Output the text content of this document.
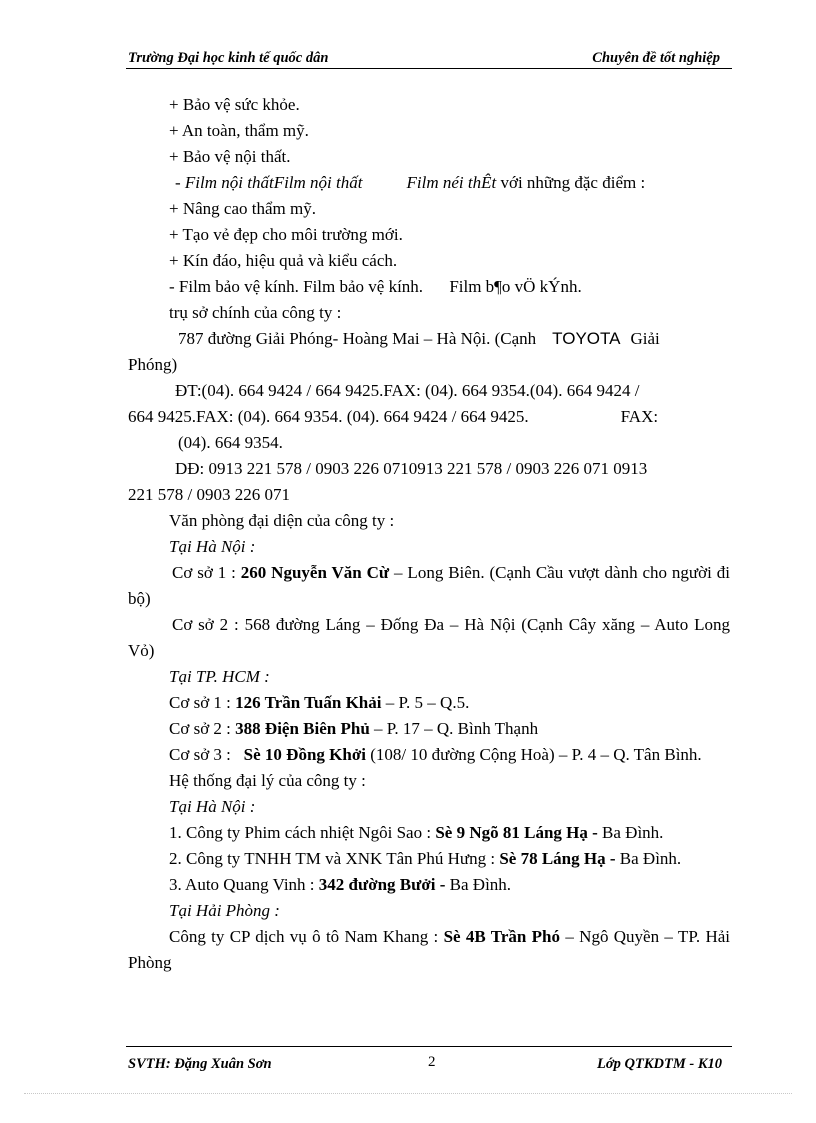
Trường Đại học kinh tế quốc dân	Chuyên đề tốt nghiệp
+ Bảo vệ sức khỏe.
+ An toàn, thẩm mỹ.
+ Bảo vệ nội thất.
- Film nội thấtFilm nội thất	Film néi thÊt với những đặc điểm :
+ Nâng cao thẩm mỹ.
+ Tạo vẻ đẹp cho môi trường mới.
+ Kín đáo, hiệu quả và kiểu cách.
- Film bảo vệ kính. Film bảo vệ kính. Film b¶o vÖ kÝnh.
trụ sở chính của công ty :
787 đường Giải Phóng- Hoàng Mai – Hà Nội. (Cạnh TOYOTA Giải
Phóng)
ĐT:(04). 664 9424 / 664 9425.FAX: (04). 664 9354.(04). 664 9424 /
664 9425.FAX: (04). 664 9354. (04). 664 9424 / 664 9425.	FAX:
(04). 664 9354.
DĐ: 0913 221 578 / 0903 226 0710913 221 578 / 0903 226 071 0913
221 578 / 0903 226 071
Văn phòng đại diện của công ty :
Tại Hà Nội :
Cơ sở 1 : 260 Nguyễn Văn Cừ – Long Biên. (Cạnh Cầu vượt dành cho người đi bộ)
Cơ sở 2 : 568 đường Láng – Đống Đa – Hà Nội (Cạnh Cây xăng – Auto Long Vỏ)
Tại TP. HCM :
Cơ sở 1 : 126 Trần Tuấn Khải – P. 5 – Q.5.
Cơ sở 2 : 388 Điện Biên Phủ – P. 17 – Q. Bình Thạnh
Cơ sở 3 :   Sè 10 Đồng Khởi (108/ 10 đường Cộng Hoà) – P. 4 – Q. Tân Bình.
Hệ thống đại lý của công ty :
Tại Hà Nội :
1. Công ty Phim cách nhiệt Ngôi Sao : Sè 9 Ngõ 81 Láng Hạ - Ba Đình.
2. Công ty TNHH TM và XNK Tân Phú Hưng : Sè 78 Láng Hạ - Ba Đình.
3. Auto Quang Vinh : 342 đường Bưởi - Ba Đình.
Tại Hải Phòng :
Công ty CP dịch vụ ô tô Nam Khang : Sè 4B Trần Phó – Ngô Quyền – TP. Hải Phòng
SVTH: Đặng Xuân Sơn	2	Lớp QTKDTM - K10
